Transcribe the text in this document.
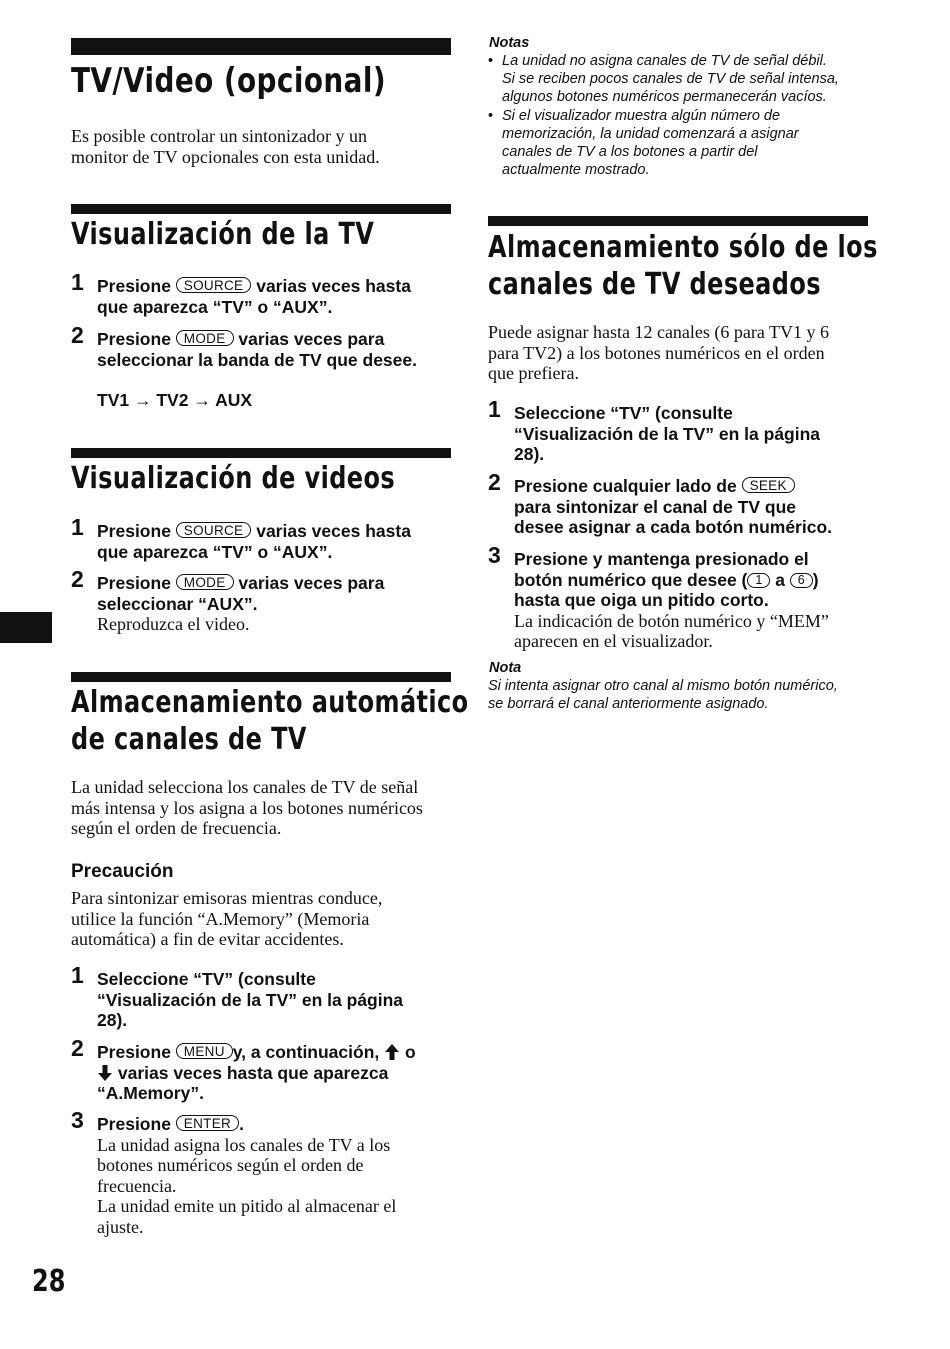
TV/Video (opcional)
Es posible controlar un sintonizador y un
monitor de TV opcionales con esta unidad.
Visualización de la TV
1 Presione SOURCE varias veces hasta
que aparezca “TV” o “AUX”.
2 Presione MODE varias veces para
seleccionar la banda de TV que desee.
TV1 → TV2 → AUX
Visualización de videos
1 Presione SOURCE varias veces hasta
que aparezca “TV” o “AUX”.
2 Presione MODE varias veces para
seleccionar “AUX”.
Reproduzca el video.
Almacenamiento automático
de canales de TV
La unidad selecciona los canales de TV de señal
más intensa y los asigna a los botones numéricos
según el orden de frecuencia.
Precaución
Para sintonizar emisoras mientras conduce,
utilice la función “A.Memory” (Memoria
automática) a fin de evitar accidentes.
1 Seleccione “TV” (consulte
“Visualización de la TV” en la página
28).
2 Presione MENU y, a continuación,  o
varias veces hasta que aparezca
“A.Memory”.
3 Presione ENTER .
La unidad asigna los canales de TV a los
botones numéricos según el orden de
frecuencia.
La unidad emite un pitido al almacenar el
ajuste.
28
Notas
• La unidad no asigna canales de TV de señal débil.
Si se reciben pocos canales de TV de señal intensa,
algunos botones numéricos permanecerán vacíos.
• Si el visualizador muestra algún número de
memorización, la unidad comenzará a asignar
canales de TV a los botones a partir del
actualmente mostrado.
Almacenamiento sólo de los
canales de TV deseados
Puede asignar hasta 12 canales (6 para TV1 y 6
para TV2) a los botones numéricos en el orden
que prefiera.
1 Seleccione “TV” (consulte
“Visualización de la TV” en la página
28).
2 Presione cualquier lado de SEEK
para sintonizar el canal de TV que
desee asignar a cada botón numérico.
3 Presione y mantenga presionado el
botón numérico que desee ( 1 a 6 )
hasta que oiga un pitido corto.
La indicación de botón numérico y “MEM”
aparecen en el visualizador.
Nota
Si intenta asignar otro canal al mismo botón numérico,
se borrará el canal anteriormente asignado.
